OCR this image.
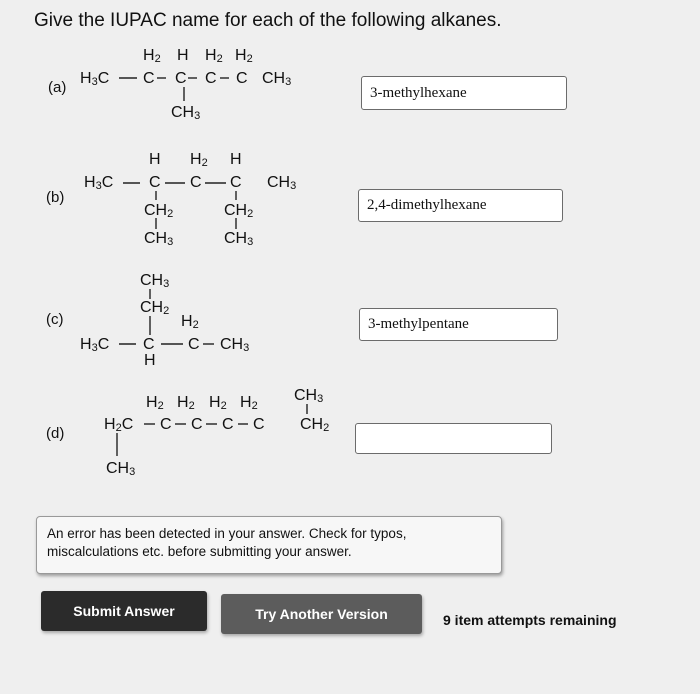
Give the IUPAC name for each of the following alkanes.
(a)
$H_2$ H $H_2$ $H_2$
$H_3C$ C C C C $CH_3$
$CH_3$
3-methylhexane
(b)
H $H_2$ H
$H_3C$ C C C $CH_3$
$CH_2$	$CH_2$
$CH_3$	$CH_3$
2,4-dimethylhexane
(c)
$CH_3$
$CH_2$
$H_2$
$H_3C$ C C $CH_3$
H
3-methylpentane
(d)
$H_2$ $H_2$ $H_2$ $H_2$
$CH_3$
$H_2C$ C C C C $CH_2$
$CH_3$
An error has been detected in your answer. Check for typos, miscalculations etc. before submitting your answer.
Submit Answer	Try Another Version	9 item attempts remaining
